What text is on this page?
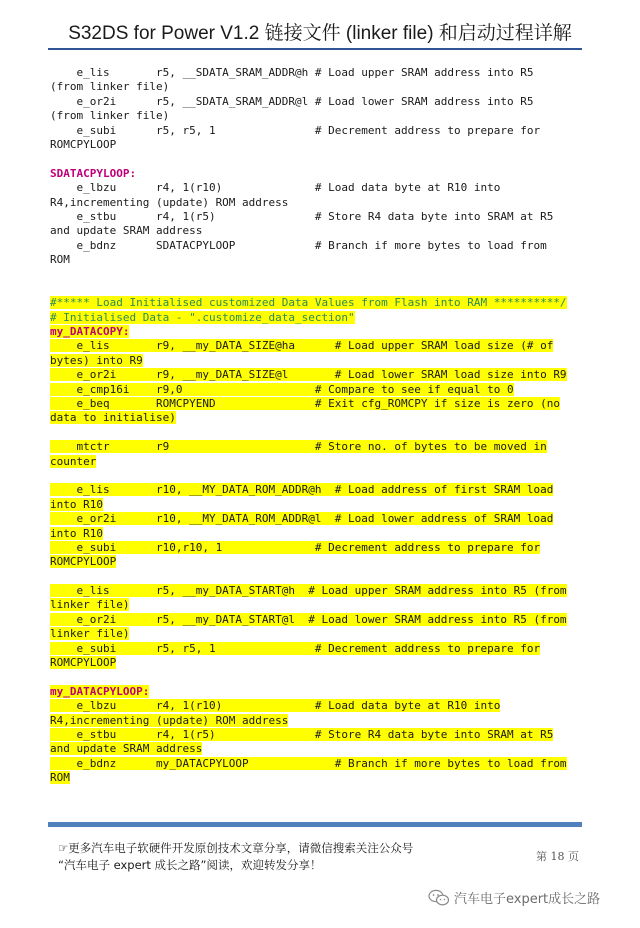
S32DS for Power V1.2 链接文件 (linker file) 和启动过程详解
e_lis       r5, __SDATA_SRAM_ADDR@h # Load upper SRAM address into R5
(from linker file)
e_or2i      r5, __SDATA_SRAM_ADDR@l # Load lower SRAM address into R5
(from linker file)
e_subi      r5, r5, 1               # Decrement address to prepare for
ROMCPYLOOP
SDATACPYLOOP:
e_lbzu      r4, 1(r10)              # Load data byte at R10 into
R4,incrementing (update) ROM address
e_stbu      r4, 1(r5)               # Store R4 data byte into SRAM at R5
and update SRAM address
e_bdnz      SDATACPYLOOP            # Branch if more bytes to load from
ROM
#***** Load Initialised customized Data Values from Flash into RAM **********/
# Initialised Data - ".customize_data_section"
my_DATACOPY:
e_lis       r9, __my_DATA_SIZE@ha      # Load upper SRAM load size (# of
bytes) into R9
e_or2i      r9, __my_DATA_SIZE@l       # Load lower SRAM load size into R9
e_cmp16i    r9,0                    # Compare to see if equal to 0
e_beq       ROMCPYEND               # Exit cfg_ROMCPY if size is zero (no
data to initialise)
mtctr       r9                      # Store no. of bytes to be moved in
counter
e_lis       r10, __MY_DATA_ROM_ADDR@h  # Load address of first SRAM load
into R10
e_or2i      r10, __MY_DATA_ROM_ADDR@l  # Load lower address of SRAM load
into R10
e_subi      r10,r10, 1              # Decrement address to prepare for
ROMCPYLOOP
e_lis       r5, __my_DATA_START@h  # Load upper SRAM address into R5 (from
linker file)
e_or2i      r5, __my_DATA_START@l  # Load lower SRAM address into R5 (from
linker file)
e_subi      r5, r5, 1               # Decrement address to prepare for
ROMCPYLOOP
my_DATACPYLOOP:
e_lbzu      r4, 1(r10)              # Load data byte at R10 into
R4,incrementing (update) ROM address
e_stbu      r4, 1(r5)               # Store R4 data byte into SRAM at R5
and update SRAM address
e_bdnz      my_DATACPYLOOP             # Branch if more bytes to load from
ROM
☞更多汽车电子软硬件开发原创技术文章分享，请微信搜索关注公众号
“汽车电子 expert 成长之路”阅读，欢迎转发分享！
第 18 页
汽车电子expert成长之路
